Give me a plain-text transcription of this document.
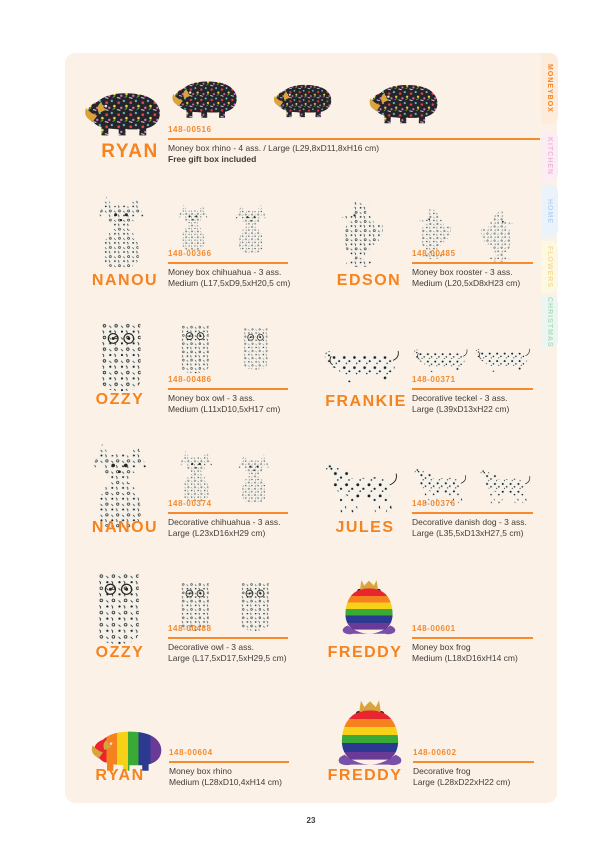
MONEYBOX
KITCHEN
HOME
FLOWERS
CHRISTMAS
RYAN
148-00516
Money box rhino - 4 ass. / Large (L29,8xD11,8xH16 cm)
Free gift box included
NANOU
148-00366
Money box chihuahua - 3 ass.
Medium (L17,5xD9,5xH20,5 cm)	EDSON
148-00485
Money box rooster - 3 ass.
Medium (L20,5xD8xH23 cm)
OZZY
148-00486
Money box owl - 3 ass.
Medium (L11xD10,5xH17 cm)	FRANKIE
148-00371
Decorative teckel - 3 ass.
Large (L39xD13xH22 cm)
NANOU
148-00374
Decorative chihuahua - 3 ass.
Large (L23xD16xH29 cm)	JULES
148-00376
Decorative danish dog - 3 ass.
Large (L35,5xD13xH27,5 cm)
OZZY
148-00488
Decorative owl - 3 ass.
Large (L17,5xD17,5xH29,5 cm)	FREDDY
148-00601
Money box frog
Medium (L18xD16xH14 cm)
RYAN
148-00604
Money box rhino
Medium (L28xD10,4xH14 cm)	FREDDY
148-00602
Decorative frog
Large (L28xD22xH22 cm)
23
